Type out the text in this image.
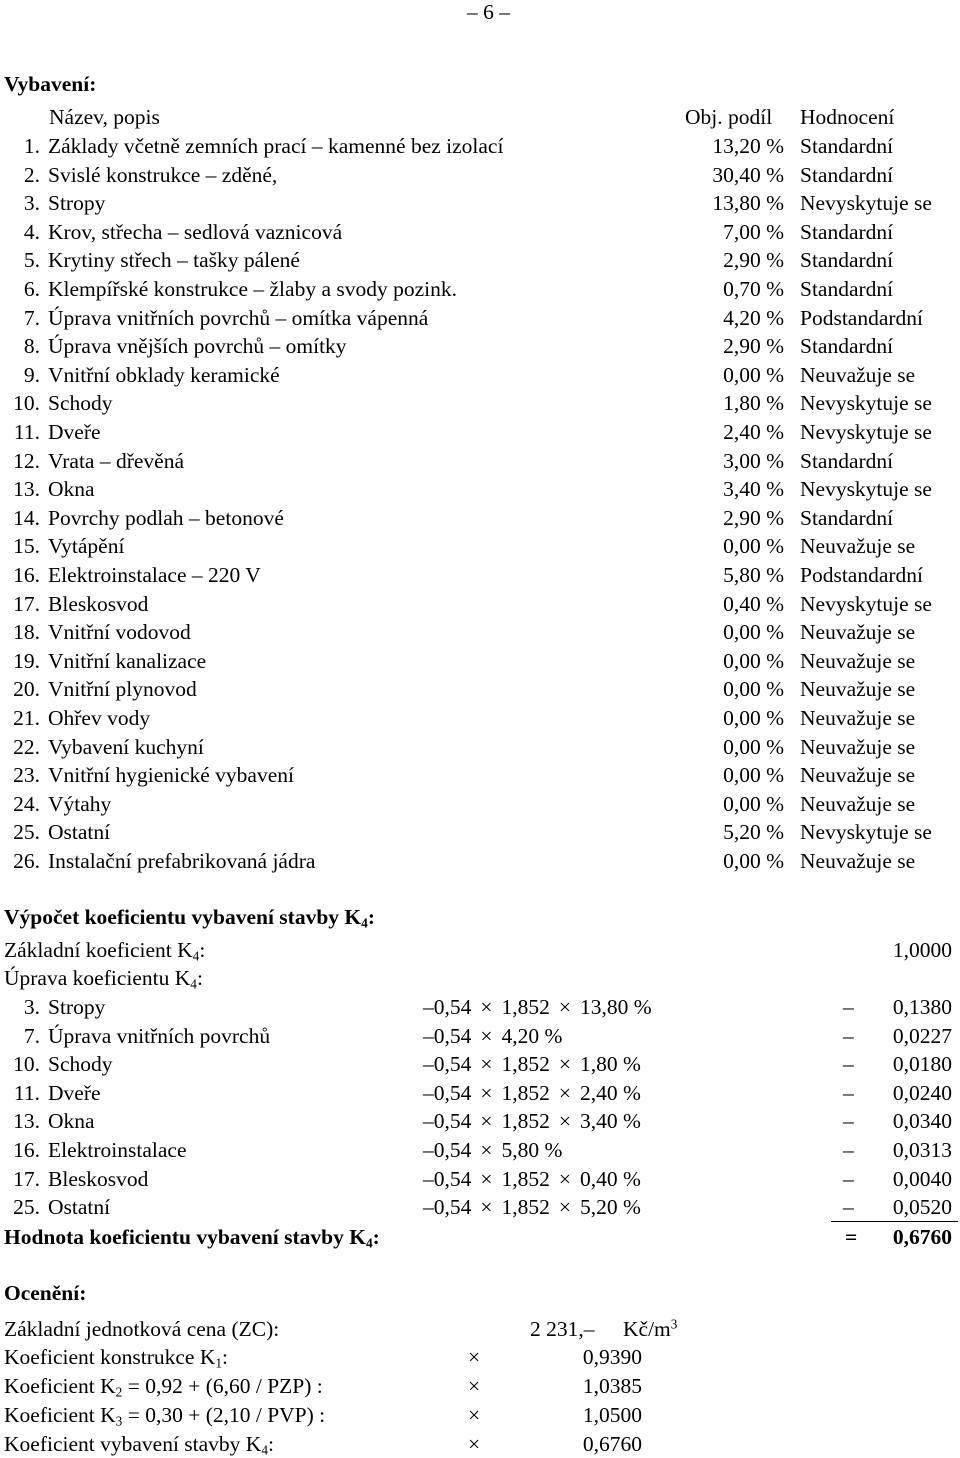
– 6 –
Vybavení:
Název, popis	Obj. podíl Hodnocení
1. Základy včetně zemních prací – kamenné bez izolací	13,20 % Standardní
2. Svislé konstrukce – zděné,	30,40 % Standardní
3. Stropy	13,80 % Nevyskytuje se
4. Krov, střecha – sedlová vaznicová	7,00 % Standardní
5. Krytiny střech – tašky pálené	2,90 % Standardní
6. Klempířské konstrukce – žlaby a svody pozink.	0,70 % Standardní
7. Úprava vnitřních povrchů – omítka vápenná	4,20 % Podstandardní
8. Úprava vnějších povrchů – omítky	2,90 % Standardní
9. Vnitřní obklady keramické	0,00 % Neuvažuje se
10. Schody	1,80 % Nevyskytuje se
11. Dveře	2,40 % Nevyskytuje se
12. Vrata – dřevěná	3,00 % Standardní
13. Okna	3,40 % Nevyskytuje se
14. Povrchy podlah – betonové	2,90 % Standardní
15. Vytápění	0,00 % Neuvažuje se
16. Elektroinstalace – 220 V	5,80 % Podstandardní
17. Bleskosvod	0,40 % Nevyskytuje se
18. Vnitřní vodovod	0,00 % Neuvažuje se
19. Vnitřní kanalizace	0,00 % Neuvažuje se
20. Vnitřní plynovod	0,00 % Neuvažuje se
21. Ohřev vody	0,00 % Neuvažuje se
22. Vybavení kuchyní	0,00 % Neuvažuje se
23. Vnitřní hygienické vybavení	0,00 % Neuvažuje se
24. Výtahy	0,00 % Neuvažuje se
25. Ostatní	5,20 % Nevyskytuje se
26. Instalační prefabrikovaná jádra	0,00 % Neuvažuje se
Výpočet koeficientu vybavení stavby $K_4$:
Základní koeficient $K_4$:	1,0000
Úprava koeficientu $K_4$:
3. Stropy	–0,54 × 1,852 × 13,80 %	– 0,1380
7. Úprava vnitřních povrchů	–0,54 × 4,20 %	– 0,0227
10. Schody	–0,54 × 1,852 × 1,80 %	– 0,0180
11. Dveře	–0,54 × 1,852 × 2,40 %	– 0,0240
13. Okna	–0,54 × 1,852 × 3,40 %	– 0,0340
16. Elektroinstalace	–0,54 × 5,80 %	– 0,0313
17. Bleskosvod	–0,54 × 1,852 × 0,40 %	– 0,0040
25. Ostatní	–0,54 × 1,852 × 5,20 %	– 0,0520
Hodnota koeficientu vybavení stavby $K_4$:	= 0,6760
Ocenění:
Základní jednotková cena (ZC):	2 231,– $Kč/m^3$
Koeficient konstrukce $K_1$:	×	0,9390
Koeficient $K_2 = 0,92 + (6,60 / PZP)$ :	×	1,0385
Koeficient $K_3 = 0,30 + (2,10 / PVP)$ :	×	1,0500
Koeficient vybavení stavby $K_4$:	×	0,6760
